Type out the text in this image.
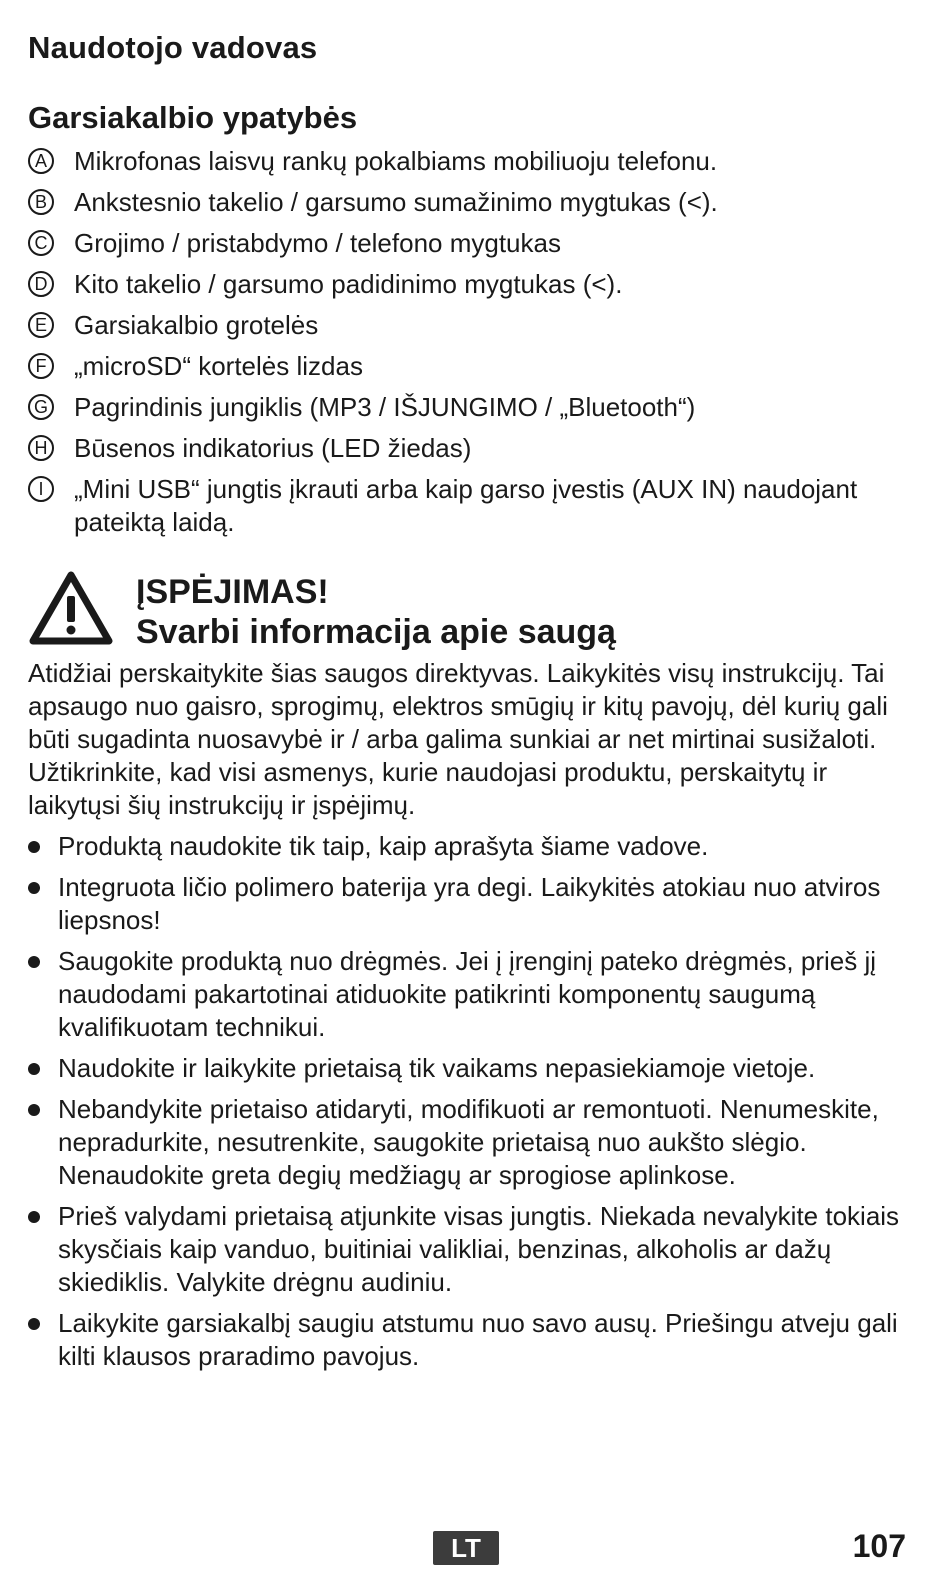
Naudotojo vadovas
Garsiakalbio ypatybės
A Mikrofonas laisvų rankų pokalbiams mobiliuoju telefonu.
B Ankstesnio takelio / garsumo sumažinimo mygtukas (<).
C Grojimo / pristabdymo / telefono mygtukas
D Kito takelio / garsumo padidinimo mygtukas (<).
E Garsiakalbio grotelės
F „microSD“ kortelės lizdas
G Pagrindinis jungiklis (MP3 / IŠJUNGIMO / „Bluetooth“)
H Būsenos indikatorius (LED žiedas)
I	„Mini USB“ jungtis įkrauti arba kaip garso įvestis (AUX IN) naudojant pateiktą laidą.
ĮSPĖJIMAS!
Svarbi informacija apie saugą

Atidžiai perskaitykite šias saugos direktyvas. Laikykitės visų instrukcijų. Tai apsaugo nuo gaisro, sprogimų, elektros smūgių ir kitų pavojų, dėl kurių gali būti sugadinta nuosavybė ir / arba galima sunkiai ar net mirtinai susižaloti. Užtikrinkite, kad visi asmenys, kurie naudojasi produktu, perskaitytų ir laikytųsi šių instrukcijų ir įspėjimų.

Produktą naudokite tik taip, kaip aprašyta šiame vadove.
Integruota ličio polimero baterija yra degi. Laikykitės atokiau nuo atviros liepsnos!
Saugokite produktą nuo drėgmės. Jei į įrenginį pateko drėgmės, prieš jį naudodami pakartotinai atiduokite patikrinti komponentų saugumą kvalifikuotam technikui.
Naudokite ir laikykite prietaisą tik vaikams nepasiekiamoje vietoje.
Nebandykite prietaiso atidaryti, modifikuoti ar remontuoti. Nenumeskite, nepradurkite, nesutrenkite, saugokite prietaisą nuo aukšto slėgio. Nenaudokite greta degių medžiagų ar sprogiose aplinkose.
Prieš valydami prietaisą atjunkite visas jungtis. Niekada nevalykite tokiais skysčiais kaip vanduo, buitiniai valikliai, benzinas, alkoholis ar dažų skiediklis. Valykite drėgnu audiniu.
Laikykite garsiakalbį saugiu atstumu nuo savo ausų. Priešingu atveju gali kilti klausos praradimo pavojus.
LT	107
